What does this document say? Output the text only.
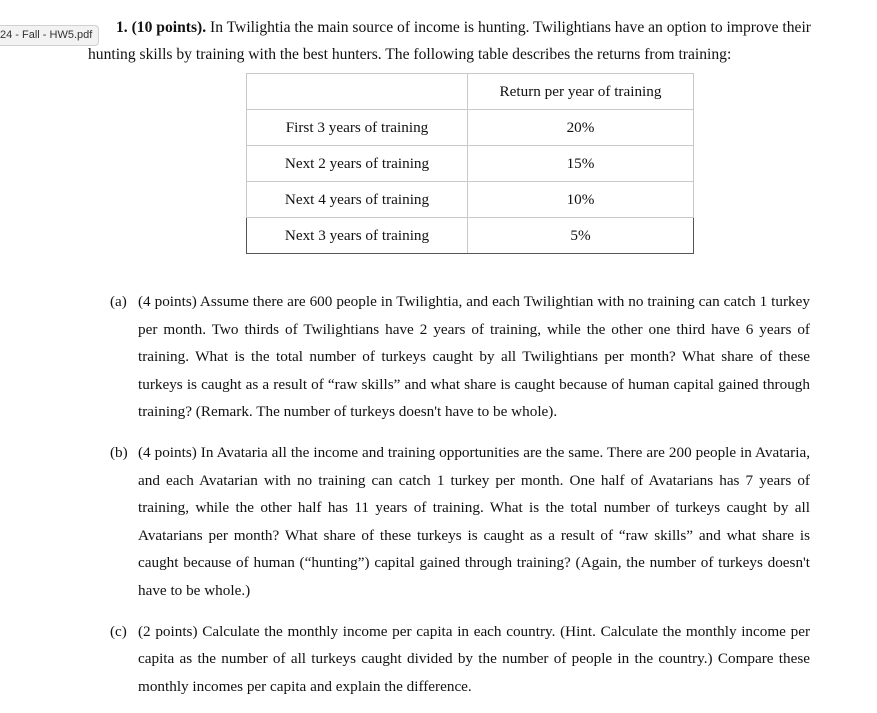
24 - Fall - HW5.pdf	1. (10 points). In Twilightia the main source of income is hunting. Twilightians have an option to improve their
hunting skills by training with the best hunters. The following table describes the returns from training:
	Return per year of training
First 3 years of training	20%
Next 2 years of training	15%
Next 4 years of training	10%
Next 3 years of training	5%
(a) (4 points) Assume there are 600 people in Twilightia, and each Twilightian with no training can catch 1 turkey per month. Two thirds of Twilightians have 2 years of training, while the other one third have 6 years of training. What is the total number of turkeys caught by all Twilightians per month? What share of these turkeys is caught as a result of “raw skills” and what share is caught because of human capital gained through training? (Remark. The number of turkeys doesn't have to be whole).
(b) (4 points) In Avataria all the income and training opportunities are the same. There are 200 people in Avataria, and each Avatarian with no training can catch 1 turkey per month. One half of Avatarians has 7 years of training, while the other half has 11 years of training. What is the total number of turkeys caught by all Avatarians per month? What share of these turkeys is caught as a result of “raw skills” and what share is caught because of human (“hunting”) capital gained through training? (Again, the number of turkeys doesn't have to be whole.)
(c) (2 points) Calculate the monthly income per capita in each country. (Hint. Calculate the monthly income per capita as the number of all turkeys caught divided by the number of people in the country.) Compare these monthly incomes per capita and explain the difference.
